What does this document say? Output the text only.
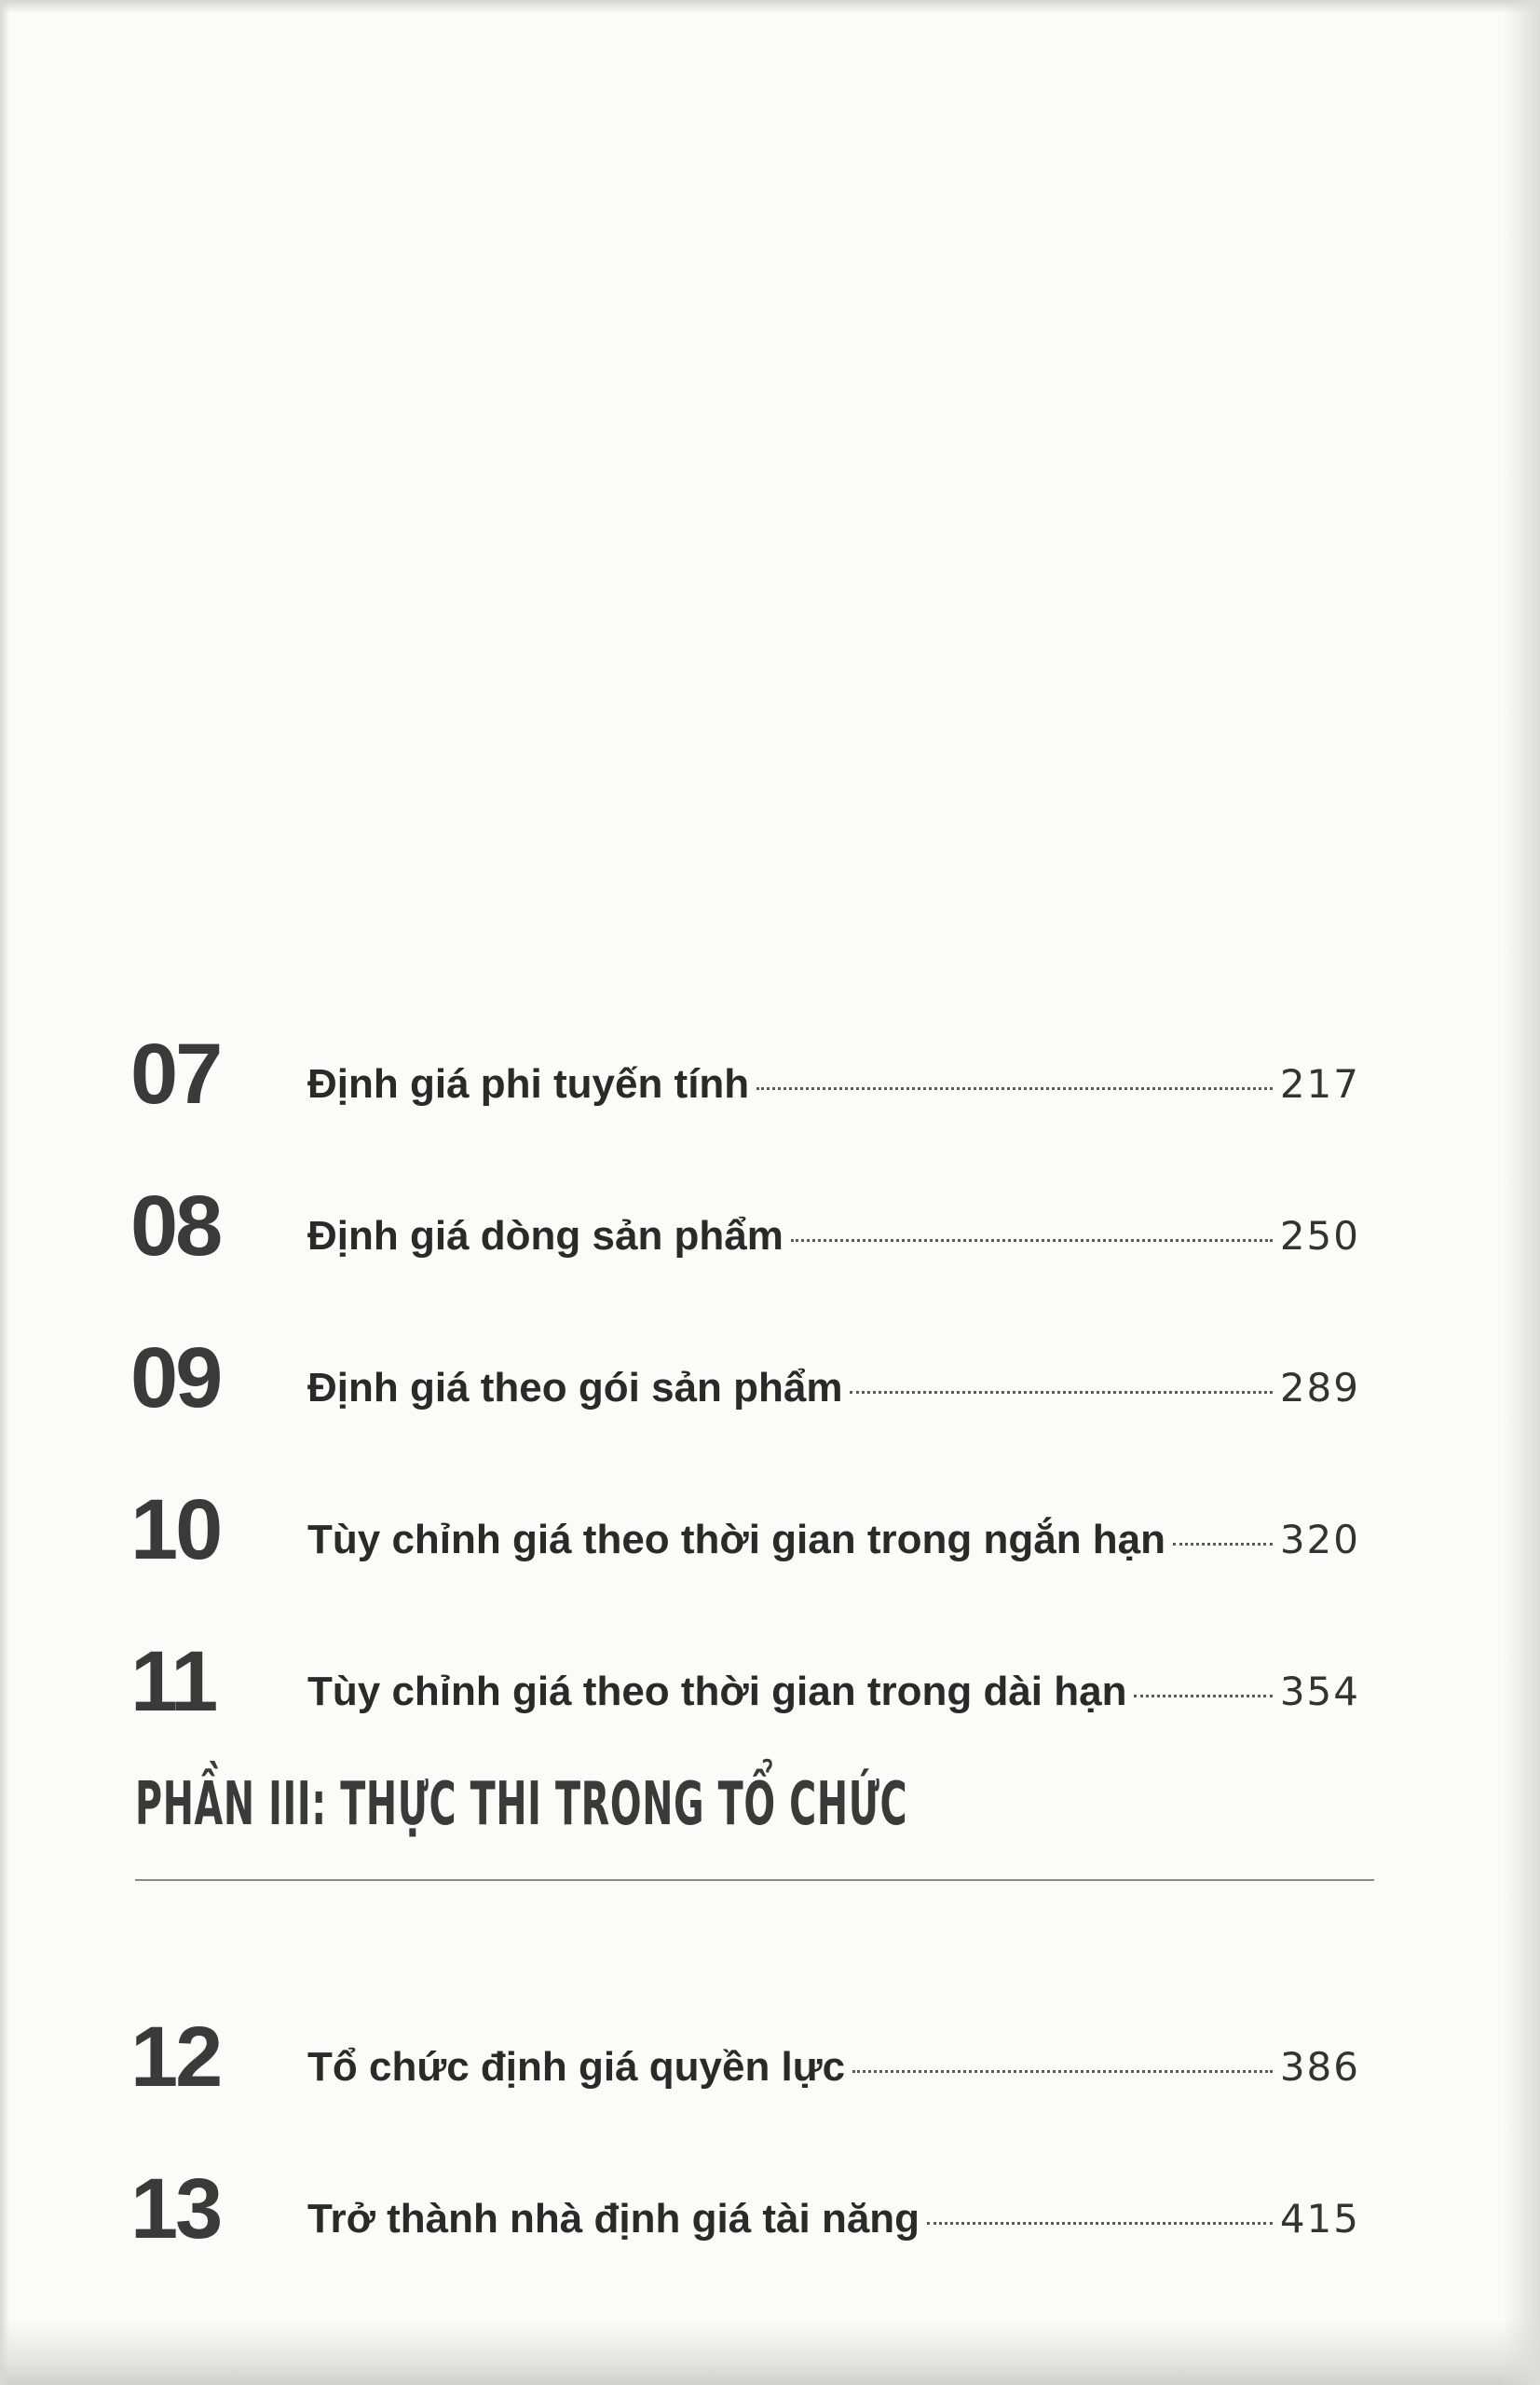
07	Định giá phi tuyến tính	217
08	Định giá dòng sản phẩm	250
09	Định giá theo gói sản phẩm	289
10	Tùy chỉnh giá theo thời gian trong ngắn hạn	320
11	Tùy chỉnh giá theo thời gian trong dài hạn	354
PHẦN III: THỰC THI TRONG TỔ CHỨC
12	Tổ chức định giá quyền lực	386
13	Trở thành nhà định giá tài năng	415
